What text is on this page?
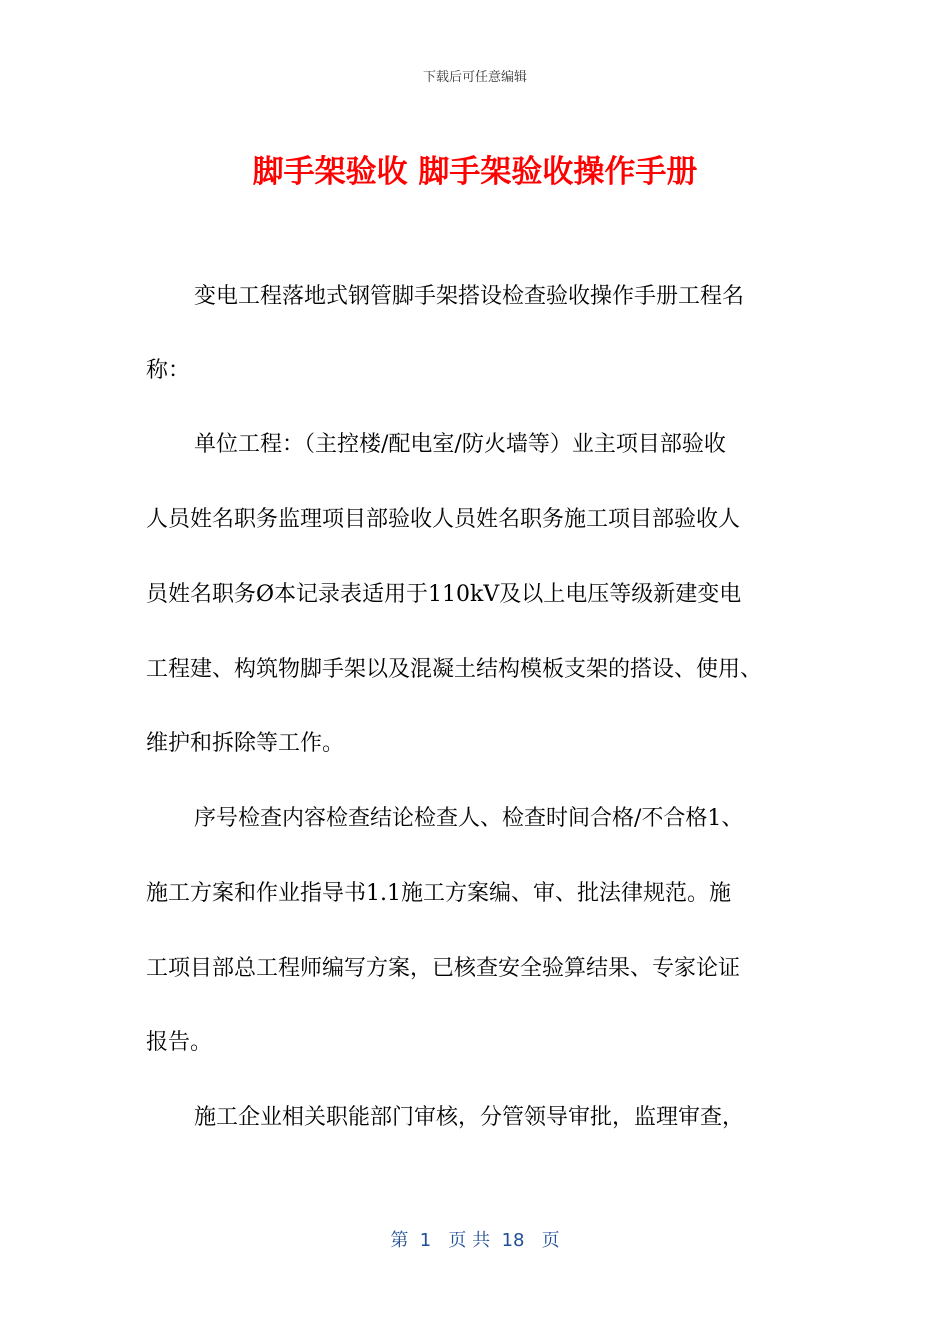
下载后可任意编辑
脚手架验收 脚手架验收操作手册
变电工程落地式钢管脚手架搭设检查验收操作手册工程名
称：
单位工程：（主控楼/配电室/防火墙等）业主项目部验收
人员姓名职务监理项目部验收人员姓名职务施工项目部验收人
员姓名职务Ø本记录表适用于110kV及以上电压等级新建变电
工程建、构筑物脚手架以及混凝土结构模板支架的搭设、使用、
维护和拆除等工作。
序号检查内容检查结论检查人、检查时间合格/不合格1、
施工方案和作业指导书1.1施工方案编、审、批法律规范。施
工项目部总工程师编写方案，已核查安全验算结果、专家论证
报告。
施工企业相关职能部门审核，分管领导审批，监理审查，
第  1   页 共  18   页
